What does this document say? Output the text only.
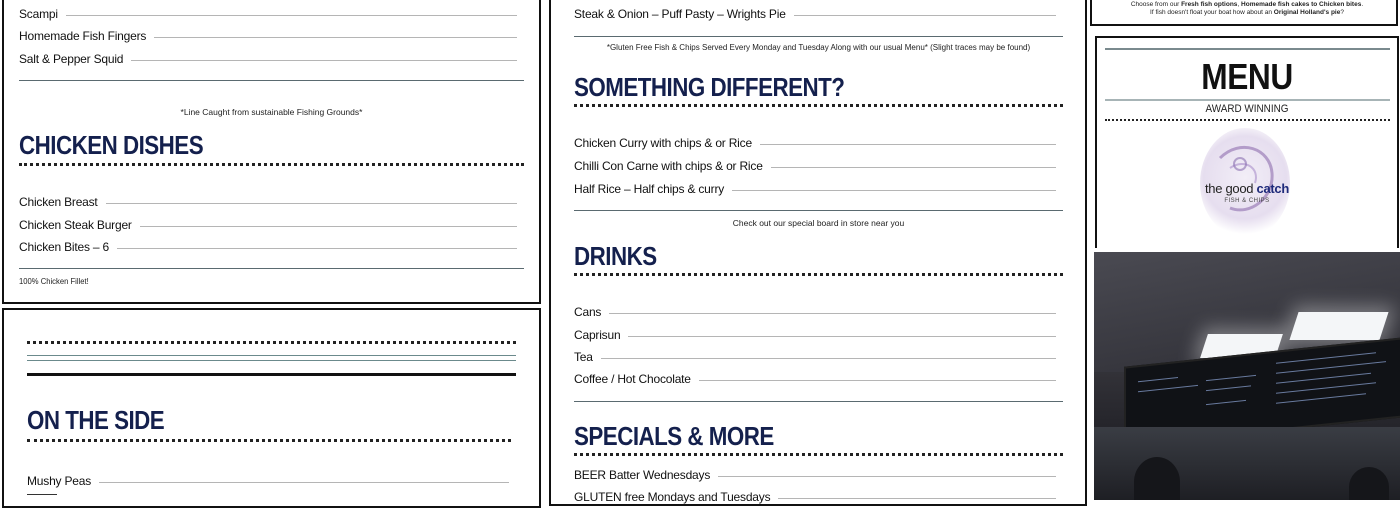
Scampi
Homemade Fish Fingers
Salt & Pepper Squid
*Line Caught from sustainable Fishing Grounds*
CHICKEN DISHES
Chicken Breast
Chicken Steak Burger
Chicken Bites – 6
100% Chicken Fillet!
ON THE SIDE
Mushy Peas
Steak & Onion – Puff Pasty – Wrights Pie
*Gluten Free Fish & Chips Served Every Monday and Tuesday Along with our usual Menu* (Slight traces may be found)
SOMETHING DIFFERENT?
Chicken Curry with chips & or Rice
Chilli Con Carne with chips & or Rice
Half Rice – Half chips & curry
Check out our special board in store near you
DRINKS
Cans
Caprisun
Tea
Coffee / Hot Chocolate
SPECIALS & MORE
BEER Batter Wednesdays
GLUTEN free Mondays and Tuesdays
Choose from our Fresh fish options, Homemade fish cakes to Chicken bites.
If fish doesn't float your boat how about an Original Holland's pie?
MENU
AWARD WINNING
the good catch
FISH & CHIPS
